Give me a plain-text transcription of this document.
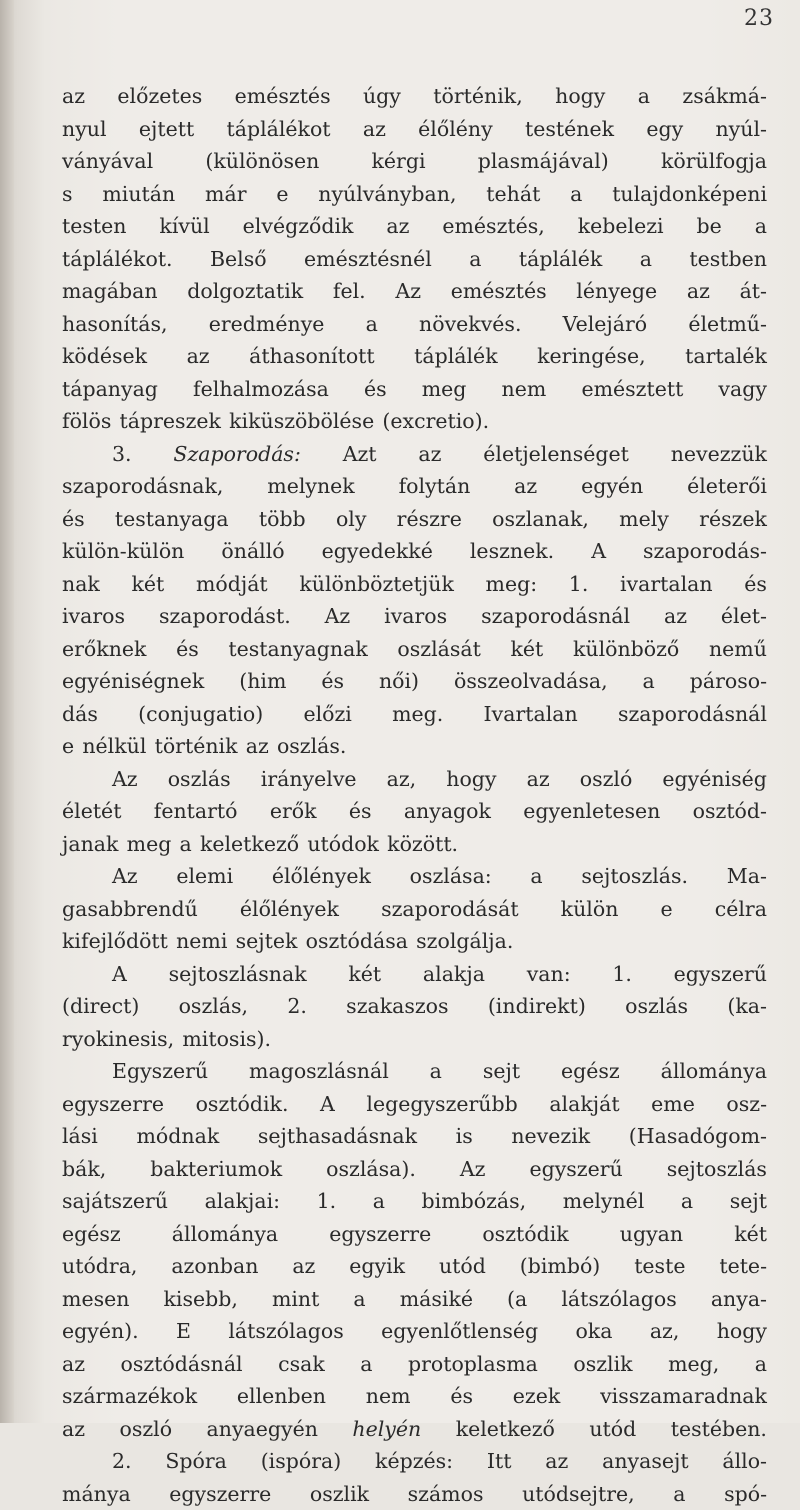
23
az előzetes emésztés úgy történik, hogy a zsákmá-
nyul ejtett táplálékot az élőlény testének egy nyúl-
ványával	(különösen	kérgi	plasmájával)	körülfogja
s miután már e nyúlványban, tehát a tulajdonképeni
testen kívül elvégződik az emésztés, kebelezi be a
táplálékot. Belső emésztésnél a táplálék a testben
magában dolgoztatik fel. Az emésztés lényege az át-
hasonítás, eredménye a növekvés. Velejáró életmű-
ködések az áthasonított táplálék keringése, tartalék
tápanyag felhalmozása és meg nem emésztett vagy
fölös tápreszek kiküszöbölése (excretio).
3. Szaporodás: Azt az életjelenséget nevezzük
szaporodásnak, melynek folytán az egyén életerői
és testanyaga több oly részre oszlanak, mely részek
külön-külön önálló egyedekké lesznek. A szaporodás-
nak két módját különböztetjük meg: 1. ivartalan és
ivaros szaporodást. Az ivaros szaporodásnál az élet-
erőknek és testanyagnak oszlását két különböző nemű
egyéniségnek (him és női) összeolvadása, a pároso-
dás (conjugatio) előzi meg. Ivartalan szaporodásnál
e nélkül történik az oszlás.
Az oszlás irányelve az, hogy az oszló egyéniség
életét fentartó erők és anyagok egyenletesen osztód-
janak meg a keletkező utódok között.
Az elemi élőlények oszlása: a sejtoszlás. Ma-
gasabbrendű élőlények szaporodását külön e célra
kifejlődött nemi sejtek osztódása szolgálja.
A sejtoszlásnak két alakja van: 1. egyszerű
(direct) oszlás, 2. szakaszos (indirekt) oszlás (ka-
ryokinesis, mitosis).
Egyszerű magoszlásnál a sejt egész állománya
egyszerre osztódik. A legegyszerűbb alakját eme osz-
lási módnak sejthasadásnak is nevezik (Hasadógom-
bák, bakteriumok oszlása). Az egyszerű sejtoszlás
sajátszerű alakjai: 1. a bimbózás, melynél a sejt
egész állománya egyszerre osztódik ugyan két
utódra, azonban az egyik utód (bimbó) teste tete-
mesen kisebb, mint a másiké (a látszólagos anya-
egyén). E látszólagos egyenlőtlenség oka az, hogy
az osztódásnál csak a protoplasma oszlik meg, a
származékok ellenben nem és ezek visszamaradnak
az oszló anyaegyén helyén keletkező utód testében.
2. Spóra (ispóra) képzés: Itt az anyasejt állo-
mánya egyszerre oszlik számos utódsejtre, a spó-
